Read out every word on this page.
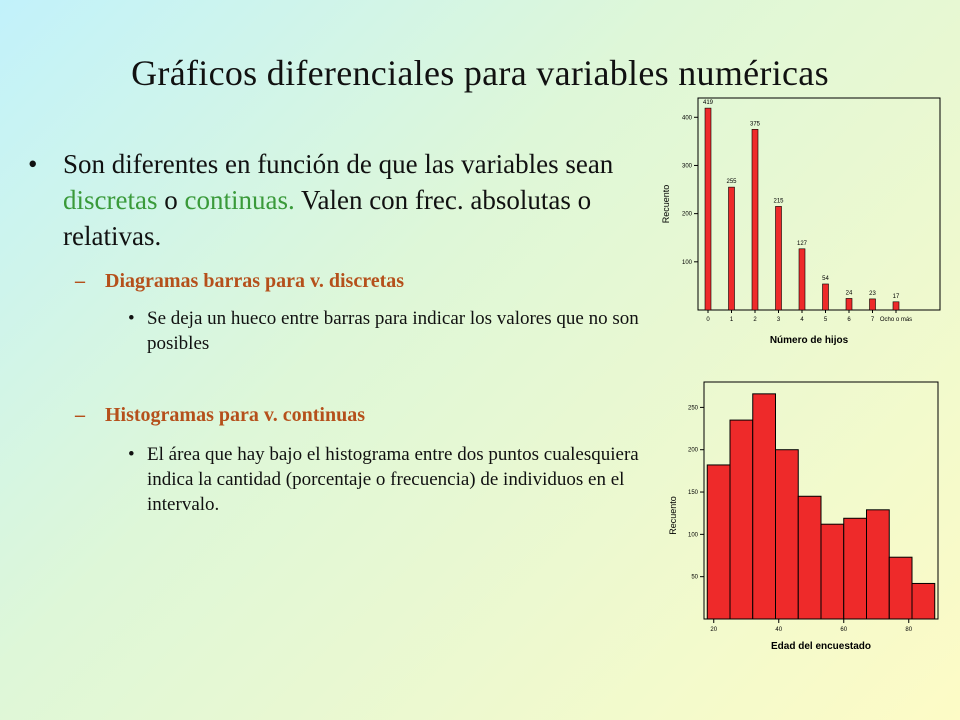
Gráficos diferenciales para variables numéricas
• Son diferentes en función de que las variables sean discretas o continuas. Valen con frec. absolutas o relativas.
– Diagramas barras para v. discretas
• Se deja un hueco entre barras para indicar los valores que no son posibles
– Histogramas para v. continuas
• El área que hay bajo el histograma entre dos puntos cualesquiera indica la cantidad (porcentaje o frecuencia) de individuos en el intervalo.
100
200
300
400
Recuento
419
0
255
1
375
2
215
3
127
4
54
5
24
6
23
7
17
Ocho o más
Número de hijos
50
100
150
200
250
20	40	60	80
Recuento
Edad del encuestado
